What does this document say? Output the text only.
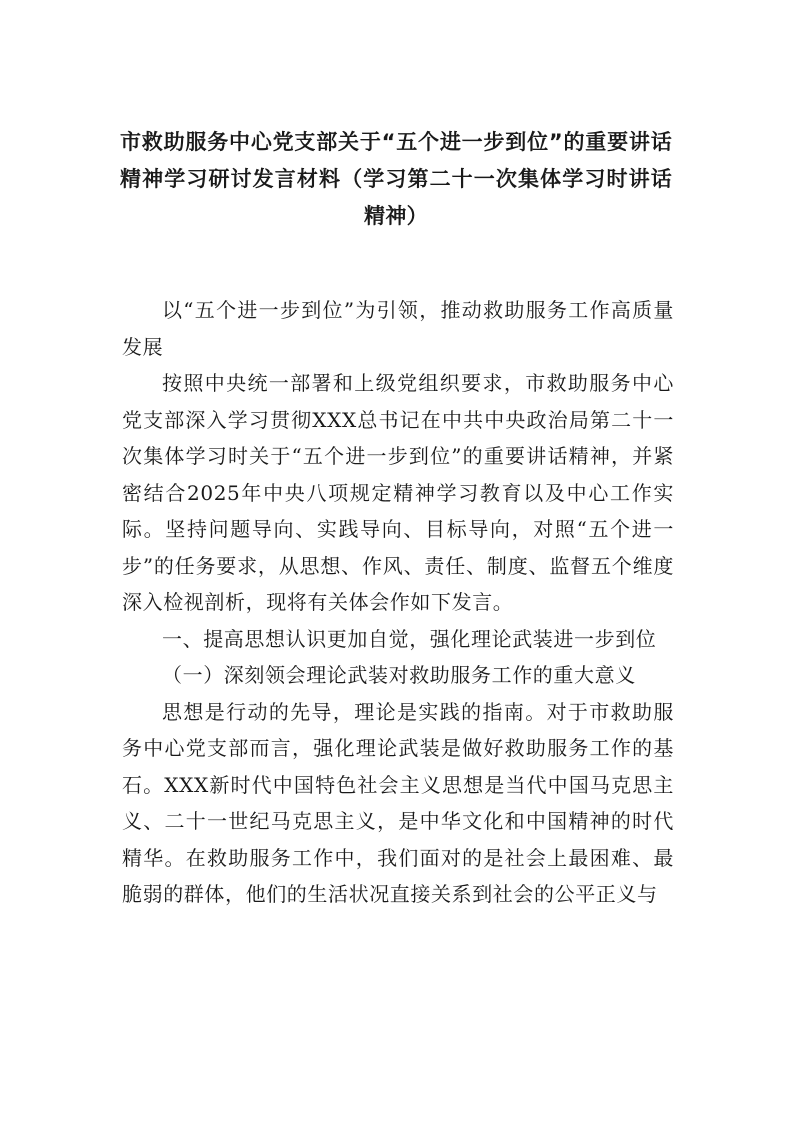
市救助服务中心党支部关于“五个进一步到位”的重要讲话精神学习研讨发言材料（学习第二十一次集体学习时讲话精神）

以“五个进一步到位”为引领，推动救助服务工作高质量发展

按照中央统一部署和上级党组织要求，市救助服务中心党支部深入学习贯彻XXX总书记在中共中央政治局第二十一次集体学习时关于“五个进一步到位”的重要讲话精神，并紧密结合2025年中央八项规定精神学习教育以及中心工作实际。坚持问题导向、实践导向、目标导向，对照“五个进一步”的任务要求，从思想、作风、责任、制度、监督五个维度深入检视剖析，现将有关体会作如下发言。

一、提高思想认识更加自觉，强化理论武装进一步到位

（一）深刻领会理论武装对救助服务工作的重大意义

思想是行动的先导，理论是实践的指南。对于市救助服务中心党支部而言，强化理论武装是做好救助服务工作的基石。XXX新时代中国特色社会主义思想是当代中国马克思主义、二十一世纪马克思主义，是中华文化和中国精神的时代精华。在救助服务工作中，我们面对的是社会上最困难、最脆弱的群体，他们的生活状况直接关系到社会的公平正义与
